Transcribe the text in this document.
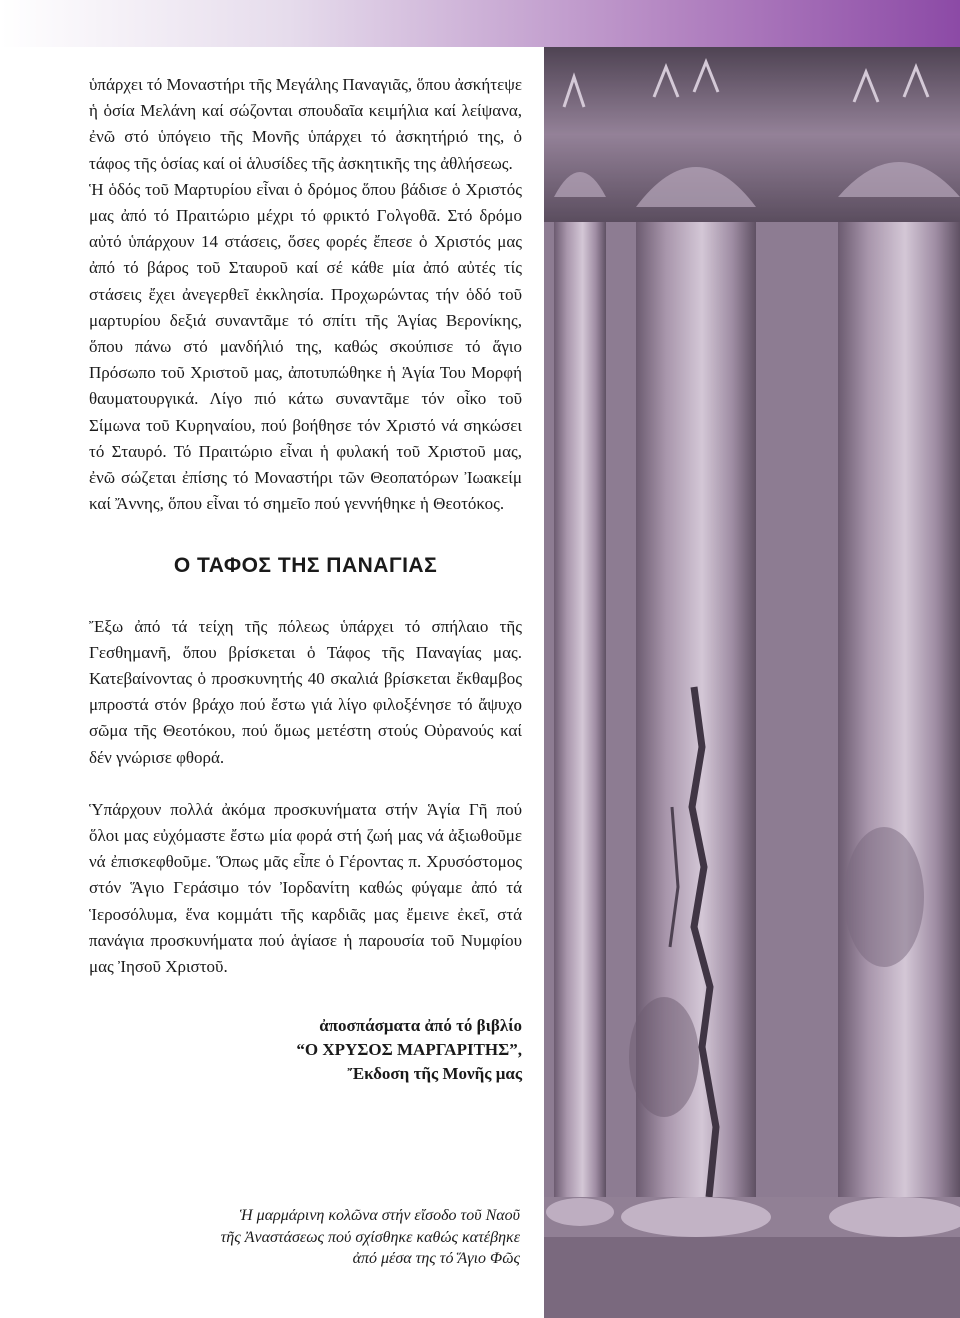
ὑπάρχει τό Μοναστήρι τῆς Μεγάλης Παναγιᾶς, ὅπου ἀσκήτεψε ἡ ὁσία Μελάνη καί σώζονται σπουδαῖα κειμήλια καί λείψανα, ἐνῶ στό ὑπόγειο τῆς Μονῆς ὑπάρχει τό ἀσκητήριό της, ὁ τάφος τῆς ὁσίας καί οἱ ἁλυσίδες τῆς ἀσκητικῆς της ἀθλήσεως.

Ἡ ὁδός τοῦ Μαρτυρίου εἶναι ὁ δρόμος ὅπου βάδισε ὁ Χριστός μας ἀπό τό Πραιτώριο μέχρι τό φρικτό Γολγοθᾶ. Στό δρόμο αὐτό ὑπάρχουν 14 στάσεις, ὅσες φορές ἔπεσε ὁ Χριστός μας ἀπό τό βάρος τοῦ Σταυροῦ καί σέ κάθε μία ἀπό αὐτές τίς στάσεις ἔχει ἀνεγερθεῖ ἐκκλησία. Προχωρώντας τήν ὁδό τοῦ μαρτυρίου δεξιά συναντᾶμε τό σπίτι τῆς Ἁγίας Βερονίκης, ὅπου πάνω στό μανδήλιό της, καθώς σκούπισε τό ἅγιο Πρόσωπο τοῦ Χριστοῦ μας, ἀποτυπώθηκε ἡ Ἁγία Του Μορφή θαυματουργικά. Λίγο πιό κάτω συναντᾶμε τόν οἶκο τοῦ Σίμωνα τοῦ Κυρηναίου, πού βοήθησε τόν Χριστό νά σηκώσει τό Σταυρό. Τό Πραιτώριο εἶναι ἡ φυλακή τοῦ Χριστοῦ μας, ἐνῶ σώζεται ἐπίσης τό Μοναστήρι τῶν Θεοπατόρων Ἰωακείμ καί Ἄννης, ὅπου εἶναι τό σημεῖο πού γεννήθηκε ἡ Θεοτόκος.

Ο ΤΑΦΟΣ ΤΗΣ ΠΑΝΑΓΙΑΣ

Ἔξω ἀπό τά τείχη τῆς πόλεως ὑπάρχει τό σπήλαιο τῆς Γεσθημανῆ, ὅπου βρίσκεται ὁ Τάφος τῆς Παναγίας μας. Κατεβαίνοντας ὁ προσκυνητής 40 σκαλιά βρίσκεται ἔκθαμβος μπροστά στόν βράχο πού ἔστω γιά λίγο φιλοξένησε τό ἄψυχο σῶμα τῆς Θεοτόκου, πού ὅμως μετέστη στούς Οὐρανούς καί δέν γνώρισε φθορά.

Ὑπάρχουν πολλά ἀκόμα προσκυνήματα στήν Ἁγία Γῆ πού ὅλοι μας εὐχόμαστε ἔστω μία φορά στή ζωή μας νά ἀξιωθοῦμε νά ἐπισκεφθοῦμε. Ὅπως μᾶς εἶπε ὁ Γέροντας π. Χρυσόστομος στόν Ἅγιο Γεράσιμο τόν Ἰορδανίτη καθώς φύγαμε ἀπό τά Ἱεροσόλυμα, ἕνα κομμάτι τῆς καρδιᾶς μας ἔμεινε ἐκεῖ, στά πανάγια προσκυνήματα πού ἁγίασε ἡ παρουσία τοῦ Νυμφίου μας Ἰησοῦ Χριστοῦ.

ἀποσπάσματα ἀπό τό βιβλίο
“Ο ΧΡΥΣΟΣ ΜΑΡΓΑΡΙΤΗΣ”,
Ἔκδοση τῆς Μονῆς μας
Ἡ μαρμάρινη κολῶνα στήν εἴσοδο τοῦ Ναοῦ
τῆς Ἀναστάσεως πού σχίσθηκε καθώς κατέβηκε
ἀπό μέσα της τό Ἅγιο Φῶς
